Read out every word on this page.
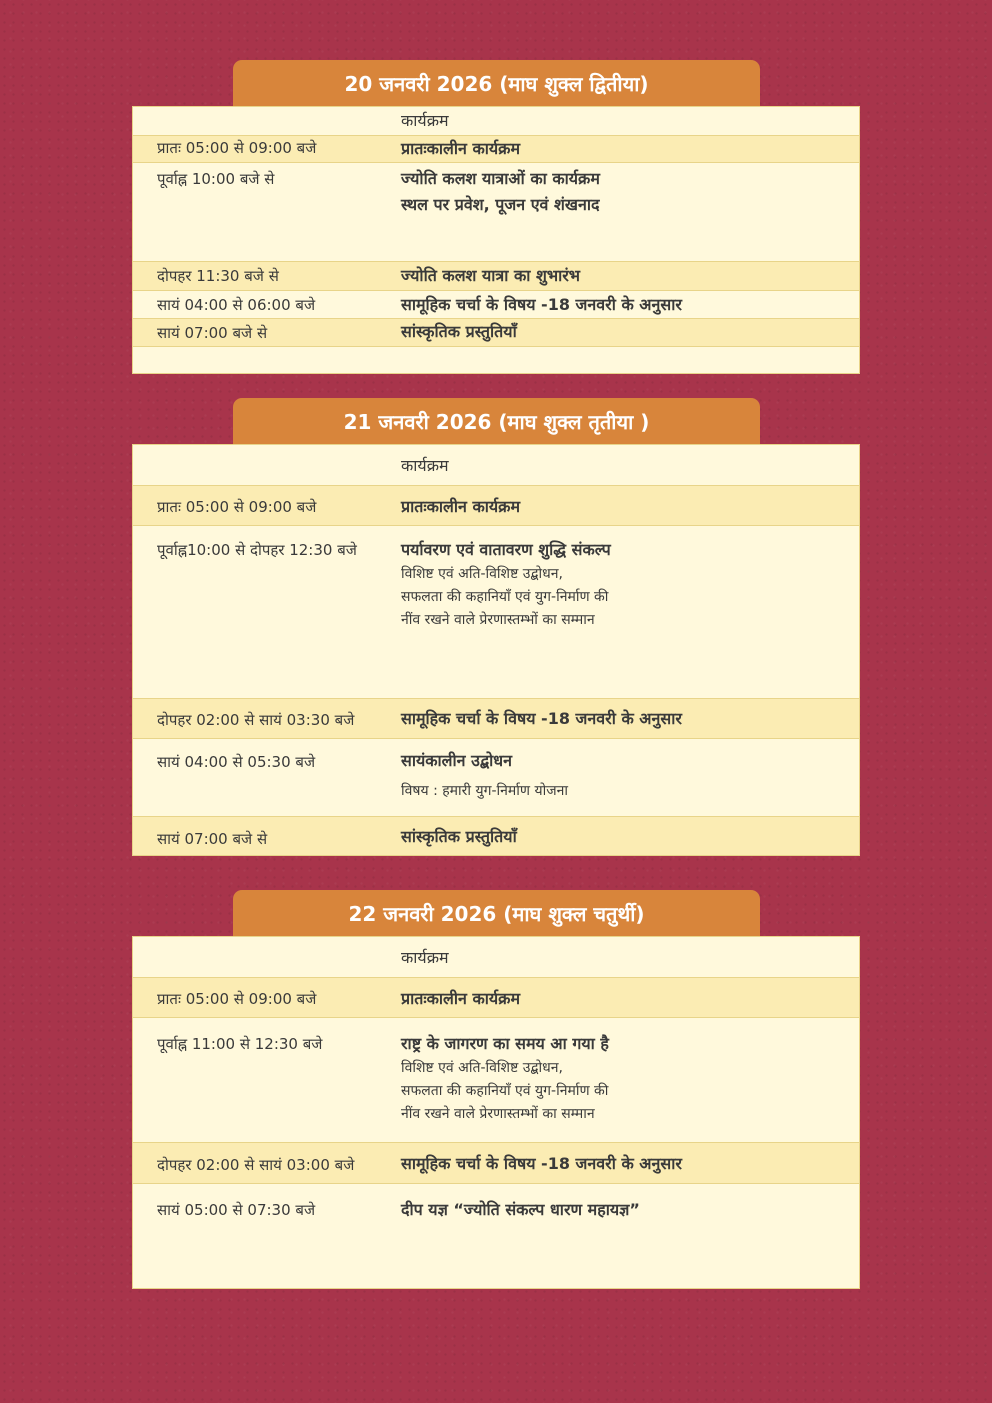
20 जनवरी 2026 (माघ शुक्ल द्वितीया)
कार्यक्रम
प्रातः 05:00 से 09:00 बजे	प्रातःकालीन कार्यक्रम
पूर्वाह्न 10:00 बजे से	ज्योति कलश यात्राओं का कार्यक्रम
स्थल पर प्रवेश, पूजन एवं शंखनाद
दोपहर 11:30 बजे से	ज्योति कलश यात्रा का शुभारंभ
सायं 04:00 से 06:00 बजे	सामूहिक चर्चा के विषय -18 जनवरी के अनुसार
सायं 07:00 बजे से	सांस्कृतिक प्रस्तुतियाँ
21 जनवरी 2026 (माघ शुक्ल तृतीया )
कार्यक्रम
प्रातः 05:00 से 09:00 बजे	प्रातःकालीन कार्यक्रम
पूर्वाह्न10:00 से दोपहर 12:30 बजे	पर्यावरण एवं वातावरण शुद्धि संकल्प
विशिष्ट एवं अति-विशिष्ट उद्बोधन,
सफलता की कहानियाँ एवं युग-निर्माण की
नींव रखने वाले प्रेरणास्तम्भों का सम्मान
दोपहर 02:00 से सायं 03:30 बजे	सामूहिक चर्चा के विषय -18 जनवरी के अनुसार
सायं 04:00 से 05:30 बजे	सायंकालीन उद्बोधन
विषय : हमारी युग-निर्माण योजना
सायं 07:00 बजे से	सांस्कृतिक प्रस्तुतियाँ
22 जनवरी 2026 (माघ शुक्ल चतुर्थी)
कार्यक्रम
प्रातः 05:00 से 09:00 बजे	प्रातःकालीन कार्यक्रम
पूर्वाह्न 11:00 से 12:30 बजे	राष्ट्र के जागरण का समय आ गया है
विशिष्ट एवं अति-विशिष्ट उद्बोधन,
सफलता की कहानियाँ एवं युग-निर्माण की
नींव रखने वाले प्रेरणास्तम्भों का सम्मान
दोपहर 02:00 से सायं 03:00 बजे	सामूहिक चर्चा के विषय -18 जनवरी के अनुसार
सायं 05:00 से 07:30 बजे	दीप यज्ञ “ज्योति संकल्प धारण महायज्ञ”
